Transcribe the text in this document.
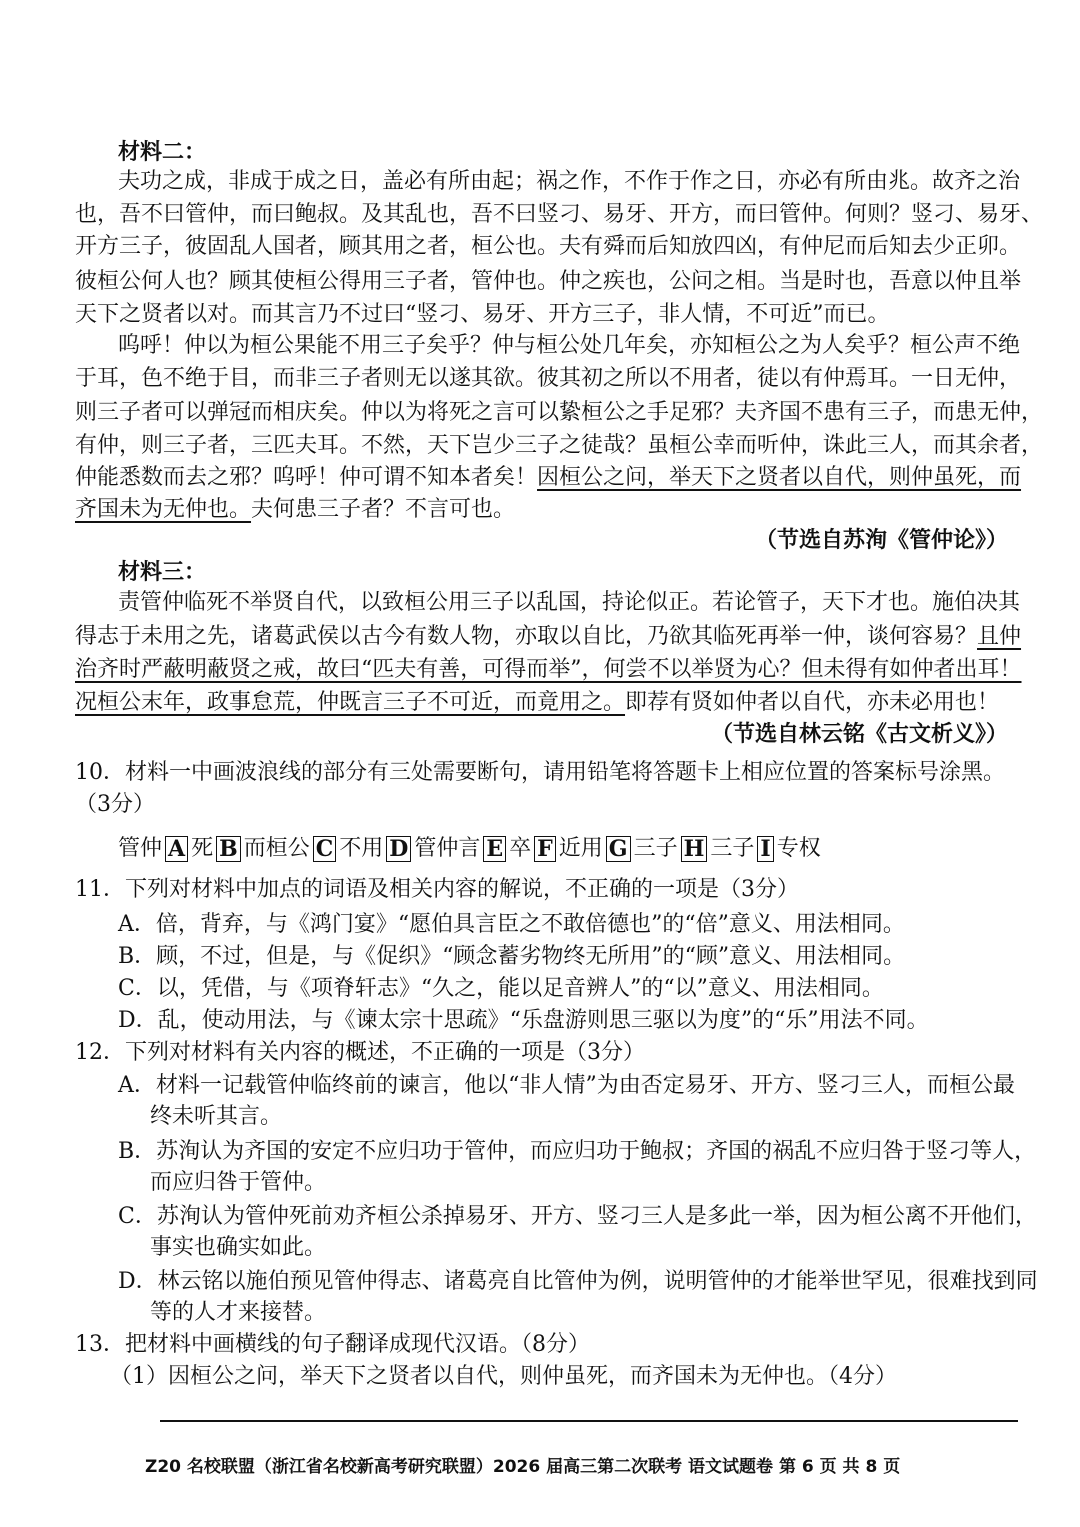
材料二：
夫功之成，非成于成之日，盖必有所由起；祸之作，不作于作之日，亦必有所由兆。故齐之治
也，吾不曰管仲，而曰鲍叔。及其乱也，吾不曰竖刁、易牙、开方，而曰管仲。何则？竖刁、易牙、
开方三子，彼固乱人国者，顾其用之者，桓公也。夫有舜而后知放四凶，有仲尼而后知去少正卯。
彼桓公何人也？顾其使桓公得用三子者，管仲也。仲之疾也，公问之相。当是时也，吾意以仲且举
天下之贤者以对。而其言乃不过曰“竖刁、易牙、开方三子，非人情，不可近”而已。
呜呼！仲以为桓公果能不用三子矣乎？仲与桓公处几年矣，亦知桓公之为人矣乎？桓公声不绝
于耳，色不绝于目，而非三子者则无以遂其欲。彼其初之所以不用者，徒以有仲焉耳。一日无仲，
则三子者可以弹冠而相庆矣。仲以为将死之言可以絷桓公之手足邪？夫齐国不患有三子，而患无仲，
有仲，则三子者，三匹夫耳。不然，天下岂少三子之徒哉？虽桓公幸而听仲，诛此三人，而其余者，
仲能悉数而去之邪？呜呼！仲可谓不知本者矣！因桓公之问，举天下之贤者以自代，则仲虽死，而
齐国未为无仲也。夫何患三子者？不言可也。
（节选自苏洵《管仲论》）
材料三：
责管仲临死不举贤自代，以致桓公用三子以乱国，持论似正。若论管子，天下才也。施伯决其
得志于未用之先，诸葛武侯以古今有数人物，亦取以自比，乃欲其临死再举一仲，谈何容易？且仲
治齐时严蔽明蔽贤之戒，故曰“匹夫有善，可得而举”，何尝不以举贤为心？但未得有如仲者出耳！
况桓公末年，政事怠荒，仲既言三子不可近，而竟用之。即荐有贤如仲者以自代，亦未必用也！
（节选自林云铭《古文析义》）
10．材料一中画波浪线的部分有三处需要断句，请用铅笔将答题卡上相应位置的答案标号涂黑。
（3分）
管仲 A 死 B 而桓公 C 不用 D 管仲言 E 卒 F 近用 G 三子 H 三子 I 专权
11．下列对材料中加点的词语及相关内容的解说，不正确的一项是（3分）
A．倍，背弃，与《鸿门宴》“愿伯具言臣之不敢倍德也”的“倍”意义、用法相同。
B．顾，不过，但是，与《促织》“顾念蓄劣物终无所用”的“顾”意义、用法相同。
C．以，凭借，与《项脊轩志》“久之，能以足音辨人”的“以”意义、用法相同。
D．乱，使动用法，与《谏太宗十思疏》“乐盘游则思三驱以为度”的“乐”用法不同。
12．下列对材料有关内容的概述，不正确的一项是（3分）
A．材料一记载管仲临终前的谏言，他以“非人情”为由否定易牙、开方、竖刁三人，而桓公最
终未听其言。
B．苏洵认为齐国的安定不应归功于管仲，而应归功于鲍叔；齐国的祸乱不应归咎于竖刁等人，
而应归咎于管仲。
C．苏洵认为管仲死前劝齐桓公杀掉易牙、开方、竖刁三人是多此一举，因为桓公离不开他们，
事实也确实如此。
D．林云铭以施伯预见管仲得志、诸葛亮自比管仲为例，说明管仲的才能举世罕见，很难找到同
等的人才来接替。
13．把材料中画横线的句子翻译成现代汉语。（8分）
（1）因桓公之问，举天下之贤者以自代，则仲虽死，而齐国未为无仲也。（4分）
Z20 名校联盟（浙江省名校新高考研究联盟）2026 届高三第二次联考 语文试题卷 第 6 页 共 8 页
